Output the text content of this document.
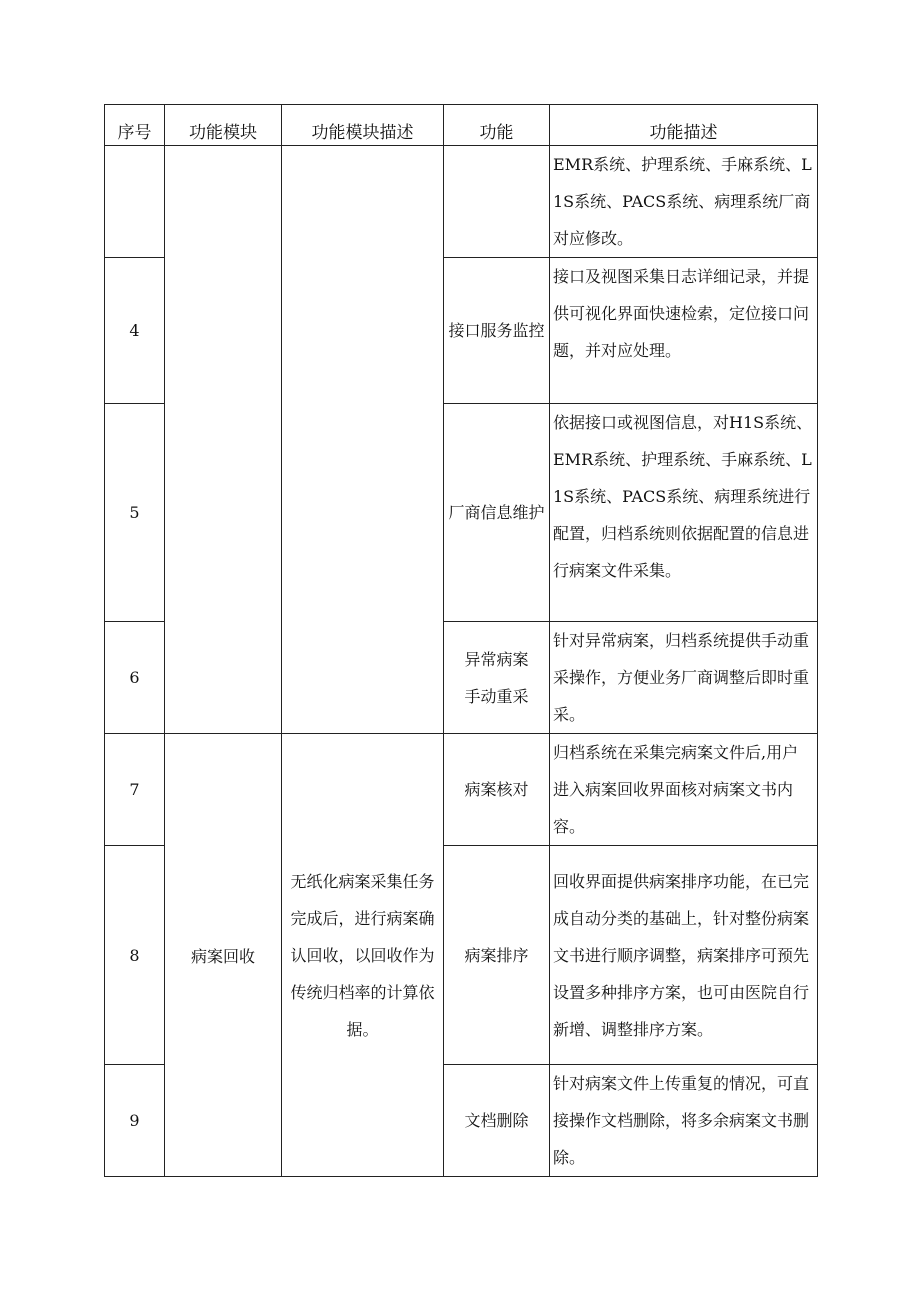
序号	功能模块	功能模块描述	功能	功能描述
				EMR系统、护理系统、手麻系统、L1S系统、PACS系统、病理系统厂商对应修改。
4			接口服务监控	接口及视图采集日志详细记录，并提供可视化界面快速检索，定位接口问题，并对应处理。
5			厂商信息维护	依据接口或视图信息，对H1S系统、EMR系统、护理系统、手麻系统、L1S系统、PACS系统、病理系统进行配置，归档系统则依据配置的信息进行病案文件采集。
6			异常病案手动重采	针对异常病案，归档系统提供手动重采操作，方便业务厂商调整后即时重采。
7	病案回收	无纸化病案采集任务完成后，进行病案确认回收，以回收作为传统归档率的计算依据。	病案核对	归档系统在采集完病案文件后,用户进入病案回收界面核对病案文书内容。
8			病案排序	回收界面提供病案排序功能，在已完成自动分类的基础上，针对整份病案文书进行顺序调整，病案排序可预先设置多种排序方案，也可由医院自行新增、调整排序方案。
9			文档删除	针对病案文件上传重复的情况，可直接操作文档删除，将多余病案文书删除。
